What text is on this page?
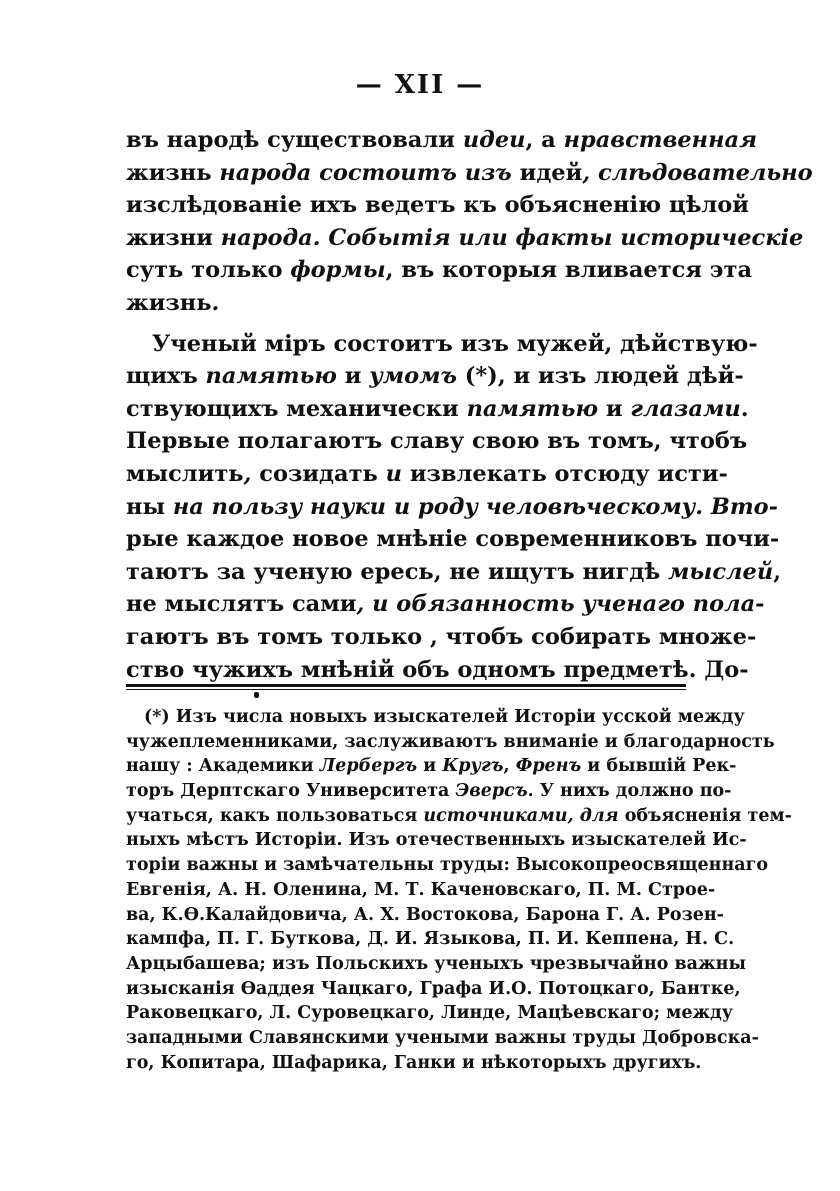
— XII —
въ народѣ существовали идеи, а нравственная
жизнь народа состоитъ изъ идей, слѣдовательно
изслѣдованіе ихъ ведетъ къ объясненію цѣлой
жизни народа. Событія или факты историческіе
суть только формы, въ которыя вливается эта
жизнь.
Ученый міръ состоитъ изъ мужей, дѣйствую-
щихъ памятью и умомъ (*), и изъ людей дѣй-
ствующихъ механически памятью и глазами.
Первые полагаютъ славу свою въ томъ, чтобъ
мыслить, созидать и извлекать отсюду исти-
ны на пользу науки и роду человѣческому. Вто-
рые каждое новое мнѣніе современниковъ почи-
таютъ за ученую ересь, не ищутъ нигдѣ мыслей,
не мыслятъ сами, и обязанность ученаго пола-
гаютъ въ томъ только , чтобъ собирать множе-
ство чужихъ мнѣній объ одномъ предметѣ. До-
(*) Изъ числа новыхъ изыскателей Исторіи усской между
чужеплеменниками, заслуживаютъ вниманіе и благодарность
нашу : Академики Лербергъ и Кругъ, Френъ и бывшій Рек-
торъ Дерптскаго Университета Эверсъ. У нихъ должно по-
учаться, какъ пользоваться источниками, для объясненія тем-
ныхъ мѣстъ Исторіи. Изъ отечественныхъ изыскателей Ис-
торіи важны и замѣчательны труды: Высокопреосвященнаго
Евгенія, А. Н. Оленина, М. Т. Каченовскаго, П. М. Строе-
ва, К.Ө.Калайдовича, А. Х. Востокова, Барона Г. А. Розен-
кампфа, П. Г. Буткова, Д. И. Языкова, П. И. Кеппена, Н. С.
Арцыбашева; изъ Польскихъ ученыхъ чрезвычайно важны
изысканія Өаддея Чацкаго, Графа И.О. Потоцкаго, Бантке,
Раковецкаго, Л. Суровецкаго, Линде, Мацѣевскаго; между
западными Славянскими учеными важны труды Добровска-
го, Копитара, Шафарика, Ганки и нѣкоторыхъ другихъ.
